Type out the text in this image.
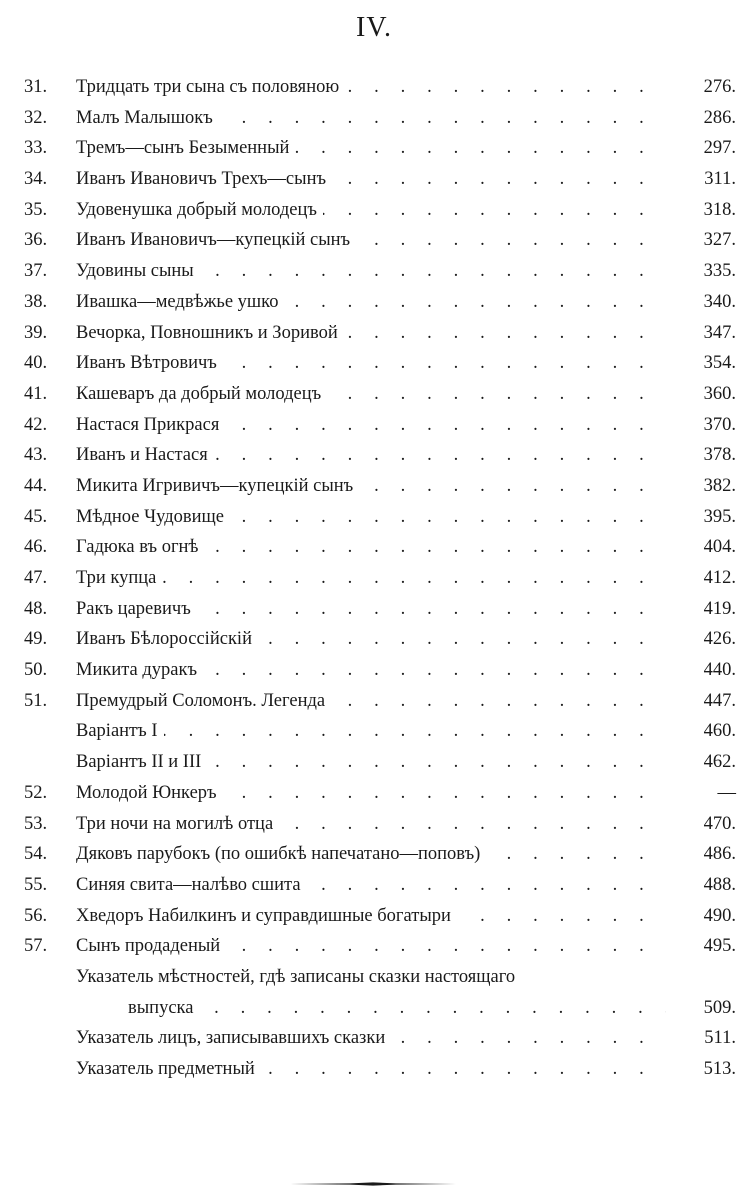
IV.
31.	Тридцать три сына съ половяною . .	276.
32.	Малъ Малышокъ . .	286.
33.	Тремъ—сынъ Безыменный . .	297.
34.	Иванъ Ивановичъ Трехъ—сынъ . .	311.
35.	Удовенушка добрый молодецъ . .	318.
36.	Иванъ Ивановичъ—купецкій сынъ . .	327.
37.	Удовины сыны . .	335.
38.	Ивашка—медвѣжье ушко . .	340.
39.	Вечорка, Повношникъ и Зоривой . .	347.
40.	Иванъ Вѣтровичъ . .	354.
41.	Кашеваръ да добрый молодецъ . .	360.
42.	Настася Прикрася . .	370.
43.	Иванъ и Настася . .	378.
44.	Микита Игривичъ—купецкій сынъ . .	382.
45.	Мѣдное Чудовище . .	395.
46.	Гадюка въ огнѣ . .	404.
47.	Три купца . .	412.
48.	Ракъ царевичъ . .	419.
49.	Иванъ Бѣлороссійскій . .	426.
50.	Микита дуракъ . .	440.
51.	Премудрый Соломонъ. Легенда . .	447.
Варіантъ I . .	460.
Варіантъ II и III . .	462.
52.	Молодой Юнкеръ . .	—
53.	Три ночи на могилѣ отца . .	470.
54.	Дяковъ парубокъ (по ошибкѣ напечатано—поповъ) . .	486.
55.	Синяя свита—налѣво сшита . .	488.
56.	Хведоръ Набилкинъ и суправдишные богатыри . .	490.
57.	Сынъ продаденый . .	495.
Указатель мѣстностей, гдѣ записаны сказки настоящаго
выпуска . .	509.
Указатель лицъ, записывавшихъ сказки . .	511.
Указатель предметный . .	513.
